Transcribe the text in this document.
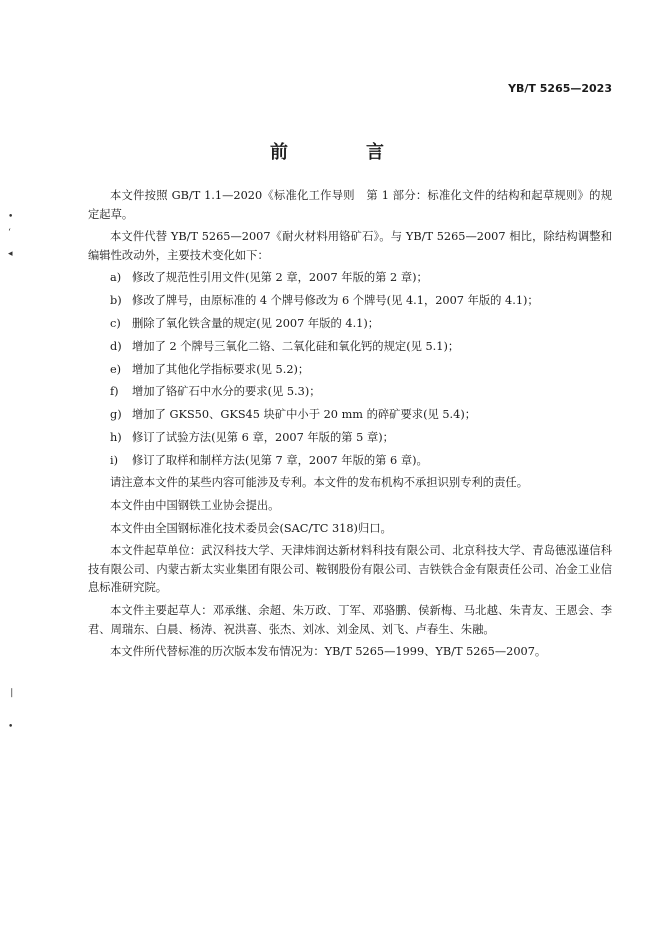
YB/T 5265—2023
前　言

本文件按照 GB/T 1.1—2020《标准化工作导则　第 1 部分：标准化文件的结构和起草规则》的规定起草。

本文件代替 YB/T 5265—2007《耐火材料用铬矿石》。与 YB/T 5265—2007 相比，除结构调整和编辑性改动外，主要技术变化如下：

a) 修改了规范性引用文件(见第 2 章，2007 年版的第 2 章)；
b) 修改了牌号，由原标准的 4 个牌号修改为 6 个牌号(见 4.1，2007 年版的 4.1)；
c) 删除了氧化铁含量的规定(见 2007 年版的 4.1)；
d) 增加了 2 个牌号三氧化二铬、二氧化硅和氧化钙的规定(见 5.1)；
e) 增加了其他化学指标要求(见 5.2)；
f)	增加了铬矿石中水分的要求(见 5.3)；
g) 增加了 GKS50、GKS45 块矿中小于 20 mm 的碎矿要求(见 5.4)；
h) 修订了试验方法(见第 6 章，2007 年版的第 5 章)；
i)	修订了取样和制样方法(见第 7 章，2007 年版的第 6 章)。

请注意本文件的某些内容可能涉及专利。本文件的发布机构不承担识别专利的责任。

本文件由中国钢铁工业协会提出。

本文件由全国钢标准化技术委员会(SAC/TC 318)归口。

本文件起草单位：武汉科技大学、天津炜润达新材料科技有限公司、北京科技大学、青岛德泓谨信科技有限公司、内蒙古新太实业集团有限公司、鞍钢股份有限公司、吉铁铁合金有限责任公司、冶金工业信息标准研究院。

本文件主要起草人：邓承继、余超、朱万政、丁军、邓骆鹏、侯新梅、马北越、朱青友、王恩会、李君、周瑞东、白晨、杨涛、祝洪喜、张杰、刘冰、刘金凤、刘飞、卢春生、朱融。

本文件所代替标准的历次版本发布情况为：YB/T 5265—1999、YB/T 5265—2007。

•
ʻ
◂
❘
•
